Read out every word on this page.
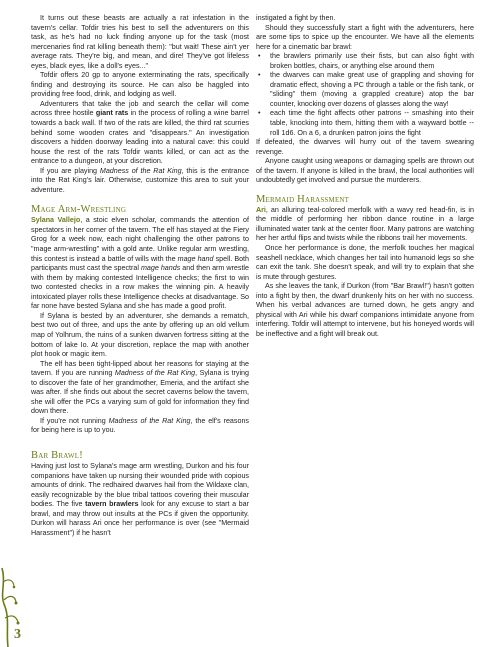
It turns out these beasts are actually a rat infestation in the tavern's cellar. Tofdir tries his best to sell the adventurers on this task, as he's had no luck finding anyone up for the task (most mercenaries find rat killing beneath them): "but wait! These ain't yer average rats. They're big, and mean, and dire! They've got lifeless eyes, black eyes, like a doll's eyes..."

Tofdir offers 20 gp to anyone exterminating the rats, specifically finding and destroying its source. He can also be haggled into providing free food, drink, and lodging as well.

Adventurers that take the job and search the cellar will come across three hostile giant rats in the process of rolling a wine barrel towards a back wall. If two of the rats are killed, the third rat scurries behind some wooden crates and "disappears." An investigation discovers a hidden doorway leading into a natural cave: this could house the rest of the rats Tofdir wants killed, or can act as the entrance to a dungeon, at your discretion.

If you are playing Madness of the Rat King, this is the entrance into the Rat King's lair. Otherwise, customize this area to suit your adventure.

Mage Arm-Wrestling

Sylana Vallejo, a stoic elven scholar, commands the attention of spectators in her corner of the tavern. The elf has stayed at the Fiery Grog for a week now, each night challenging the other patrons to "mage arm-wrestling" with a gold ante. Unlike regular arm wrestling, this contest is instead a battle of wills with the mage hand spell. Both participants must cast the spectral mage hands and then arm wrestle with them by making contested Intelligence checks; the first to win two contested checks in a row makes the winning pin. A heavily intoxicated player rolls these Intelligence checks at disadvantage. So far none have bested Sylana and she has made a good profit.

If Sylana is bested by an adventurer, she demands a rematch, best two out of three, and ups the ante by offering up an old vellum map of Yolhrum, the ruins of a sunken dwarven fortress sitting at the bottom of lake Io. At your discretion, replace the map with another plot hook or magic item.

The elf has been tight-lipped about her reasons for staying at the tavern. If you are running Madness of the Rat King, Sylana is trying to discover the fate of her grandmother, Emeria, and the artifact she was after. If she finds out about the secret caverns below the tavern, she will offer the PCs a varying sum of gold for information they find down there.

If you're not running Madness of the Rat King, the elf's reasons for being here is up to you.

Bar Brawl!

Having just lost to Sylana's mage arm wrestling, Durkon and his four companions have taken up nursing their wounded pride with copious amounts of drink. The redhaired dwarves hail from the Wildaxe clan, easily recognizable by the blue tribal tattoos covering their muscular bodies. The five tavern brawlers look for any excuse to start a bar brawl, and may throw out insults at the PCs if given the opportunity. Durkon will harass Ari once her performance is over (see "Mermaid Harassment") if he hasn't

instigated a fight by then.

Should they successfully start a fight with the adventurers, here are some tips to spice up the encounter. We have all the elements here for a cinematic bar brawl:

• the brawlers primarily use their fists, but can also fight with broken bottles, chairs, or anything else around them
• the dwarves can make great use of grappling and shoving for dramatic effect, shoving a PC through a table or the fish tank, or "sliding" them (moving a grappled creature) atop the bar counter, knocking over dozens of glasses along the way!
• each time the fight affects other patrons -- smashing into their table, knocking into them, hitting them with a wayward bottle -- roll 1d6. On a 6, a drunken patron joins the fight

If defeated, the dwarves will hurry out of the tavern swearing revenge.

Anyone caught using weapons or damaging spells are thrown out of the tavern. If anyone is killed in the brawl, the local authorities will undoubtedly get involved and pursue the murderers.

Mermaid Harassment

Ari, an alluring teal-colored merfolk with a wavy red head-fin, is in the middle of performing her ribbon dance routine in a large illuminated water tank at the center floor. Many patrons are watching her her artful flips and twists while the ribbons trail her movements.

Once her performance is done, the merfolk touches her magical seashell necklace, which changes her tail into humanoid legs so she can exit the tank. She doesn't speak, and will try to explain that she is mute through gestures.

As she leaves the tank, if Durkon (from "Bar Brawl!") hasn't gotten into a fight by then, the dwarf drunkenly hits on her with no success. When his verbal advances are turned down, he gets angry and physical with Ari while his dwarf companions intimidate anyone from interfering. Tofdir will attempt to intervene, but his honeyed words will be ineffective and a fight will break out.

3
